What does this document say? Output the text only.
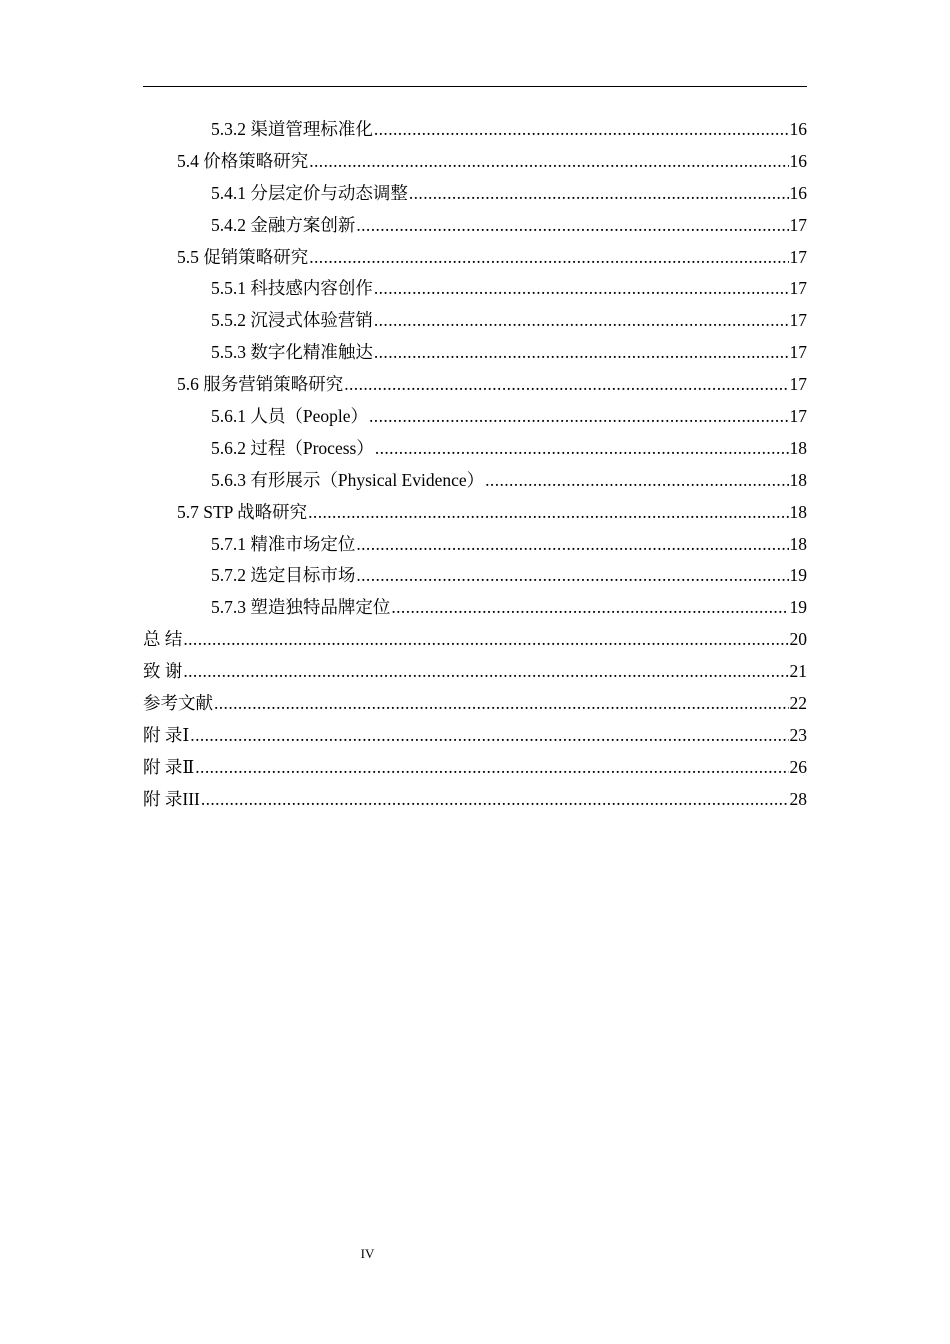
5.3.2 渠道管理标准化 .....	16
5.4 价格策略研究 .....	16
5.4.1 分层定价与动态调整 .....	16
5.4.2 金融方案创新 .....	17
5.5 促销策略研究 .....	17
5.5.1 科技感内容创作 .....	17
5.5.2 沉浸式体验营销 .....	17
5.5.3 数字化精准触达 .....	17
5.6 服务营销策略研究 .....	17
5.6.1 人员（People） .....	17
5.6.2 过程（Process） .....	18
5.6.3 有形展示（Physical Evidence） .....	18
5.7 STP 战略研究 .....	18
5.7.1 精准市场定位 .....	18
5.7.2 选定目标市场 .....	19
5.7.3 塑造独特品牌定位 .....	19
总 结 .....	20
致 谢 .....	21
参考文献 .....	22
附 录Ⅰ .....	23
附 录Ⅱ .....	26
附 录III .....	28
IV
